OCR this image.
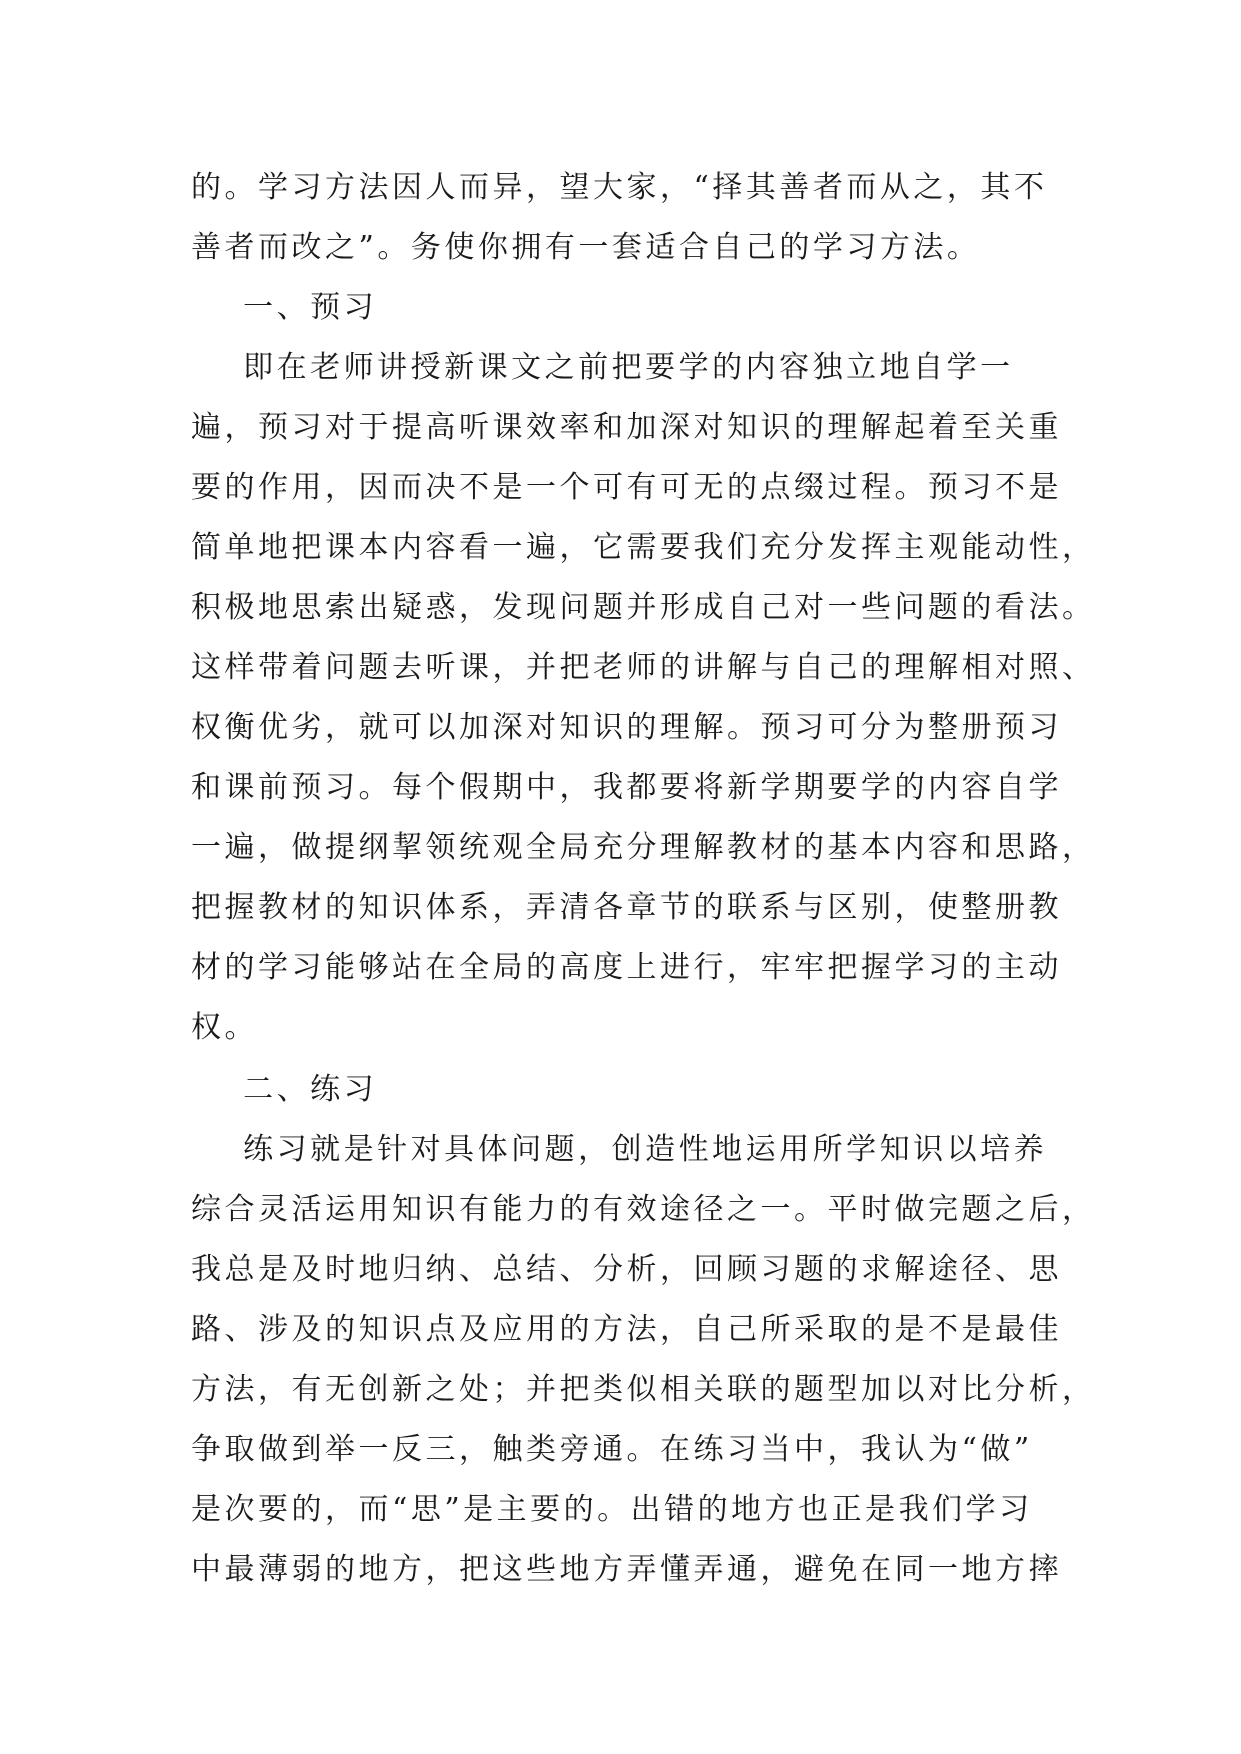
的。学习方法因人而异，望大家，“择其善者而从之，其不
善者而改之”。务使你拥有一套适合自己的学习方法。
一、预习
即在老师讲授新课文之前把要学的内容独立地自学一
遍，预习对于提高听课效率和加深对知识的理解起着至关重
要的作用，因而决不是一个可有可无的点缀过程。预习不是
简单地把课本内容看一遍，它需要我们充分发挥主观能动性，
积极地思索出疑惑，发现问题并形成自己对一些问题的看法。
这样带着问题去听课，并把老师的讲解与自己的理解相对照、
权衡优劣，就可以加深对知识的理解。预习可分为整册预习
和课前预习。每个假期中，我都要将新学期要学的内容自学
一遍，做提纲挈领统观全局充分理解教材的基本内容和思路，
把握教材的知识体系，弄清各章节的联系与区别，使整册教
材的学习能够站在全局的高度上进行，牢牢把握学习的主动
权。
二、练习
练习就是针对具体问题，创造性地运用所学知识以培养
综合灵活运用知识有能力的有效途径之一。平时做完题之后，
我总是及时地归纳、总结、分析，回顾习题的求解途径、思
路、涉及的知识点及应用的方法，自己所采取的是不是最佳
方法，有无创新之处；并把类似相关联的题型加以对比分析，
争取做到举一反三，触类旁通。在练习当中，我认为“做”
是次要的，而“思”是主要的。出错的地方也正是我们学习
中最薄弱的地方，把这些地方弄懂弄通，避免在同一地方摔
